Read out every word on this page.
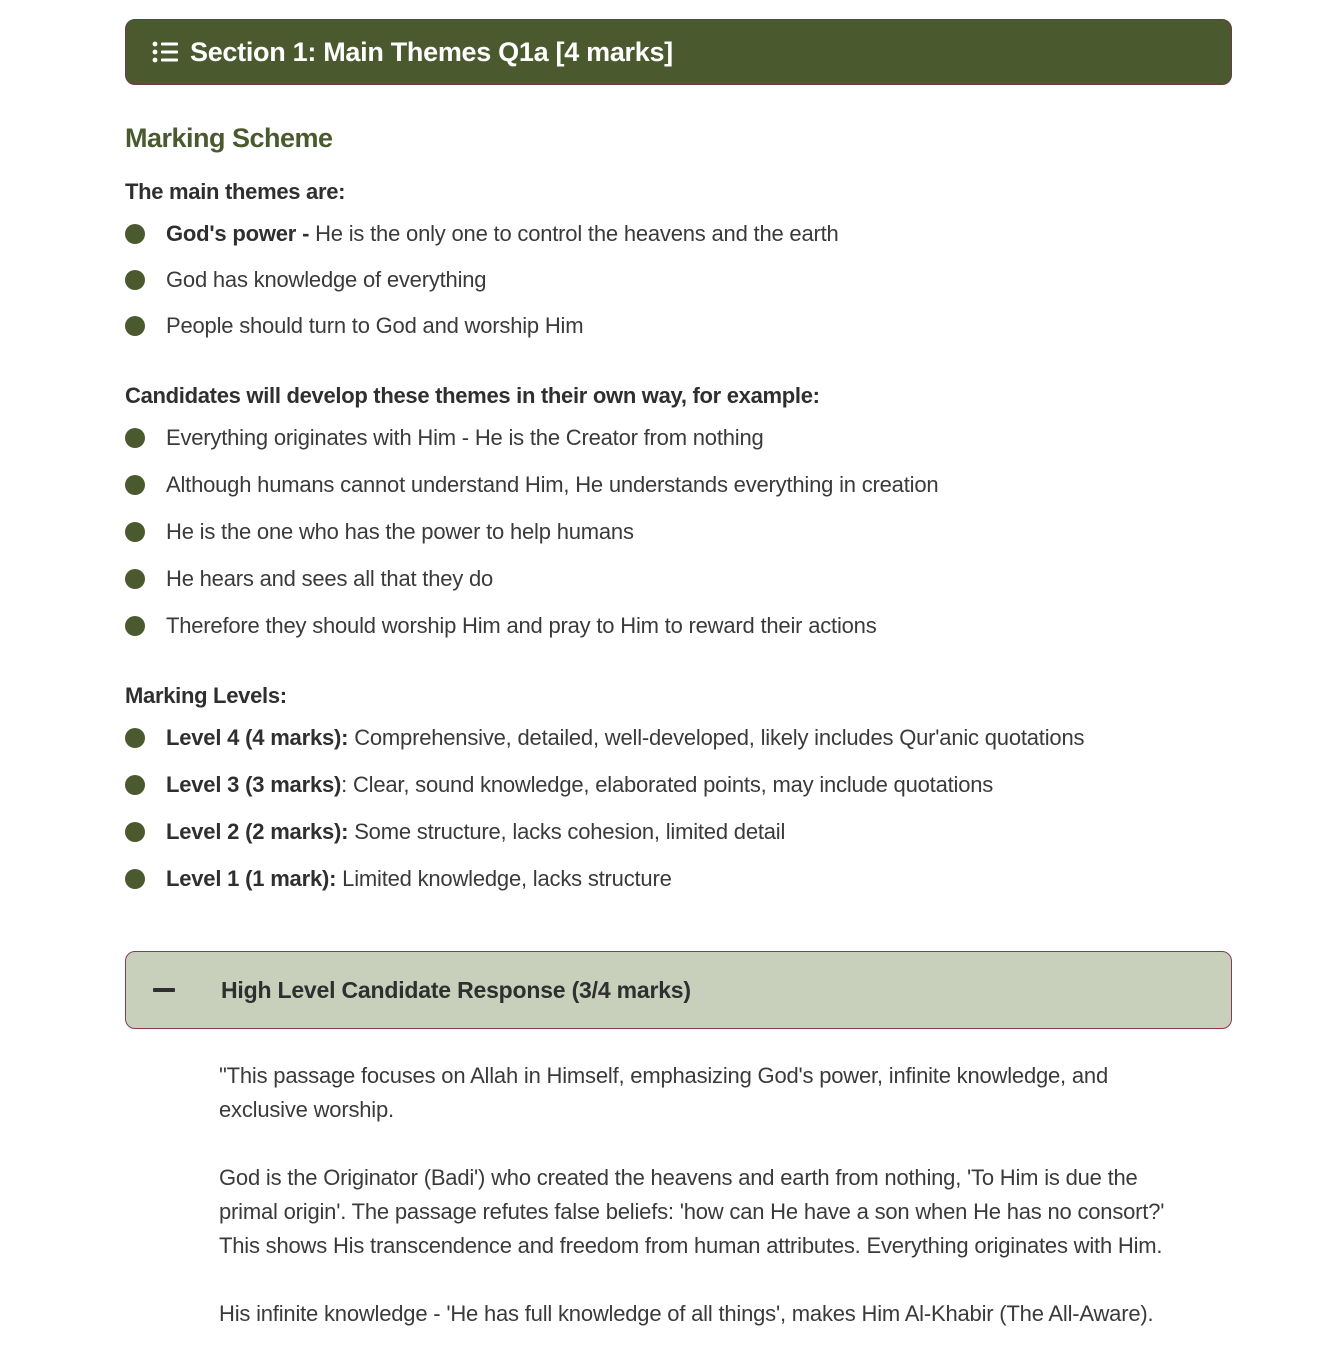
Section 1: Main Themes Q1a [4 marks]
Marking Scheme
The main themes are:
God's power - He is the only one to control the heavens and the earth
God has knowledge of everything
People should turn to God and worship Him
Candidates will develop these themes in their own way, for example:
Everything originates with Him - He is the Creator from nothing
Although humans cannot understand Him, He understands everything in creation
He is the one who has the power to help humans
He hears and sees all that they do
Therefore they should worship Him and pray to Him to reward their actions
Marking Levels:
Level 4 (4 marks): Comprehensive, detailed, well-developed, likely includes Qur'anic quotations
Level 3 (3 marks): Clear, sound knowledge, elaborated points, may include quotations
Level 2 (2 marks): Some structure, lacks cohesion, limited detail
Level 1 (1 mark): Limited knowledge, lacks structure
High Level Candidate Response (3/4 marks)

"This passage focuses on Allah in Himself, emphasizing God's power, infinite knowledge, and exclusive worship.

God is the Originator (Badi') who created the heavens and earth from nothing, 'To Him is due the primal origin'. The passage refutes false beliefs: 'how can He have a son when He has no consort?' This shows His transcendence and freedom from human attributes. Everything originates with Him.

His infinite knowledge - 'He has full knowledge of all things', makes Him Al-Khabir (The All-Aware).
